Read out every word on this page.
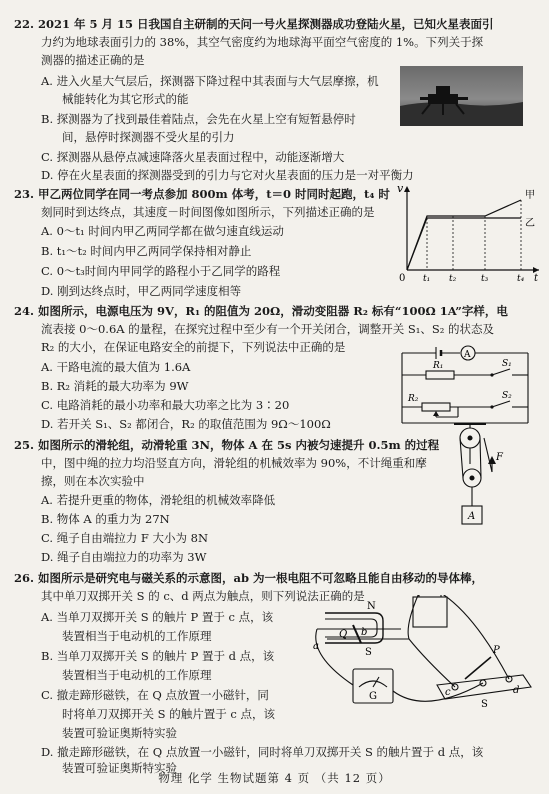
22. 2021 年 5 月 15 日我国自主研制的天问一号火星探测器成功登陆火星，已知火星表面引
力约为地球表面引力的 38%，其空气密度约为地球海平面空气密度的 1%。下列关于探
测器的描述正确的是
A. 进入火星大气层后，探测器下降过程中其表面与大气层摩擦，机
械能转化为其它形式的能
B. 探测器为了找到最佳着陆点，会先在火星上空有短暂悬停时
间，悬停时探测器不受火星的引力
C. 探测器从悬停点减速降落火星表面过程中，动能逐渐增大
D. 停在火星表面的探测器受到的引力与它对火星表面的压力是一对平衡力
23. 甲乙两位同学在同一考点参加 800m 体考，t＝0 时同时起跑，t₄ 时
刻同时到达终点，其速度－时间图像如图所示，下列描述正确的是
A. 0～t₁ 时间内甲乙两同学都在做匀速直线运动
B. t₁～t₂ 时间内甲乙两同学保持相对静止
C. 0～t₃时间内甲同学的路程小于乙同学的路程
D. 刚到达终点时，甲乙两同学速度相等
v
0
甲
乙
t₁ t₂	t₃	t₄ t
24. 如图所示，电源电压为 9V，R₁ 的阻值为 20Ω，滑动变阻器 R₂ 标有“100Ω 1A”字样，电
流表接 0～0.6A 的量程，在探究过程中至少有一个开关闭合，调整开关 S₁、S₂ 的状态及
R₂ 的大小，在保证电路安全的前提下，下列说法中正确的是
A. 干路电流的最大值为 1.6A
B. R₂ 消耗的最大功率为 9W
C. 电路消耗的最小功率和最大功率之比为 3∶20
D. 若开关 S₁、S₂ 都闭合，R₂ 的取值范围为 9Ω～100Ω
A
R₁	S₁
R₂	S₂
25. 如图所示的滑轮组，动滑轮重 3N，物体 A 在 5s 内被匀速提升 0.5m 的过程
中，图中绳的拉力均沿竖直方向，滑轮组的机械效率为 90%，不计绳重和摩
擦，则在本次实验中
A. 若提升更重的物体，滑轮组的机械效率降低
B. 物体 A 的重力为 27N
C. 绳子自由端拉力 F 大小为 8N
D. 绳子自由端拉力的功率为 3W
F
A
26. 如图所示是研究电与磁关系的示意图，ab 为一根电阻不可忽略且能自由移动的导体棒，
其中单刀双掷开关 S 的 c、d 两点为触点，则下列说法正确的是
A. 当单刀双掷开关 S 的触片 P 置于 c 点，该
装置相当于电动机的工作原理
B. 当单刀双掷开关 S 的触片 P 置于 d 点，该
装置相当于电动机的工作原理
C. 撤走蹄形磁铁，在 Q 点放置一小磁针，同
时将单刀双掷开关 S 的触片置于 c 点，该
装置可验证奥斯特实验
D. 撤走蹄形磁铁，在 Q 点放置一小磁针，同时将单刀双掷开关 S 的触片置于 d 点，该
装置可验证奥斯特实验
N
S
Q
a
b
G
P
c	d
S
物理 化学 生物试题第 4 页 （共 12 页）
